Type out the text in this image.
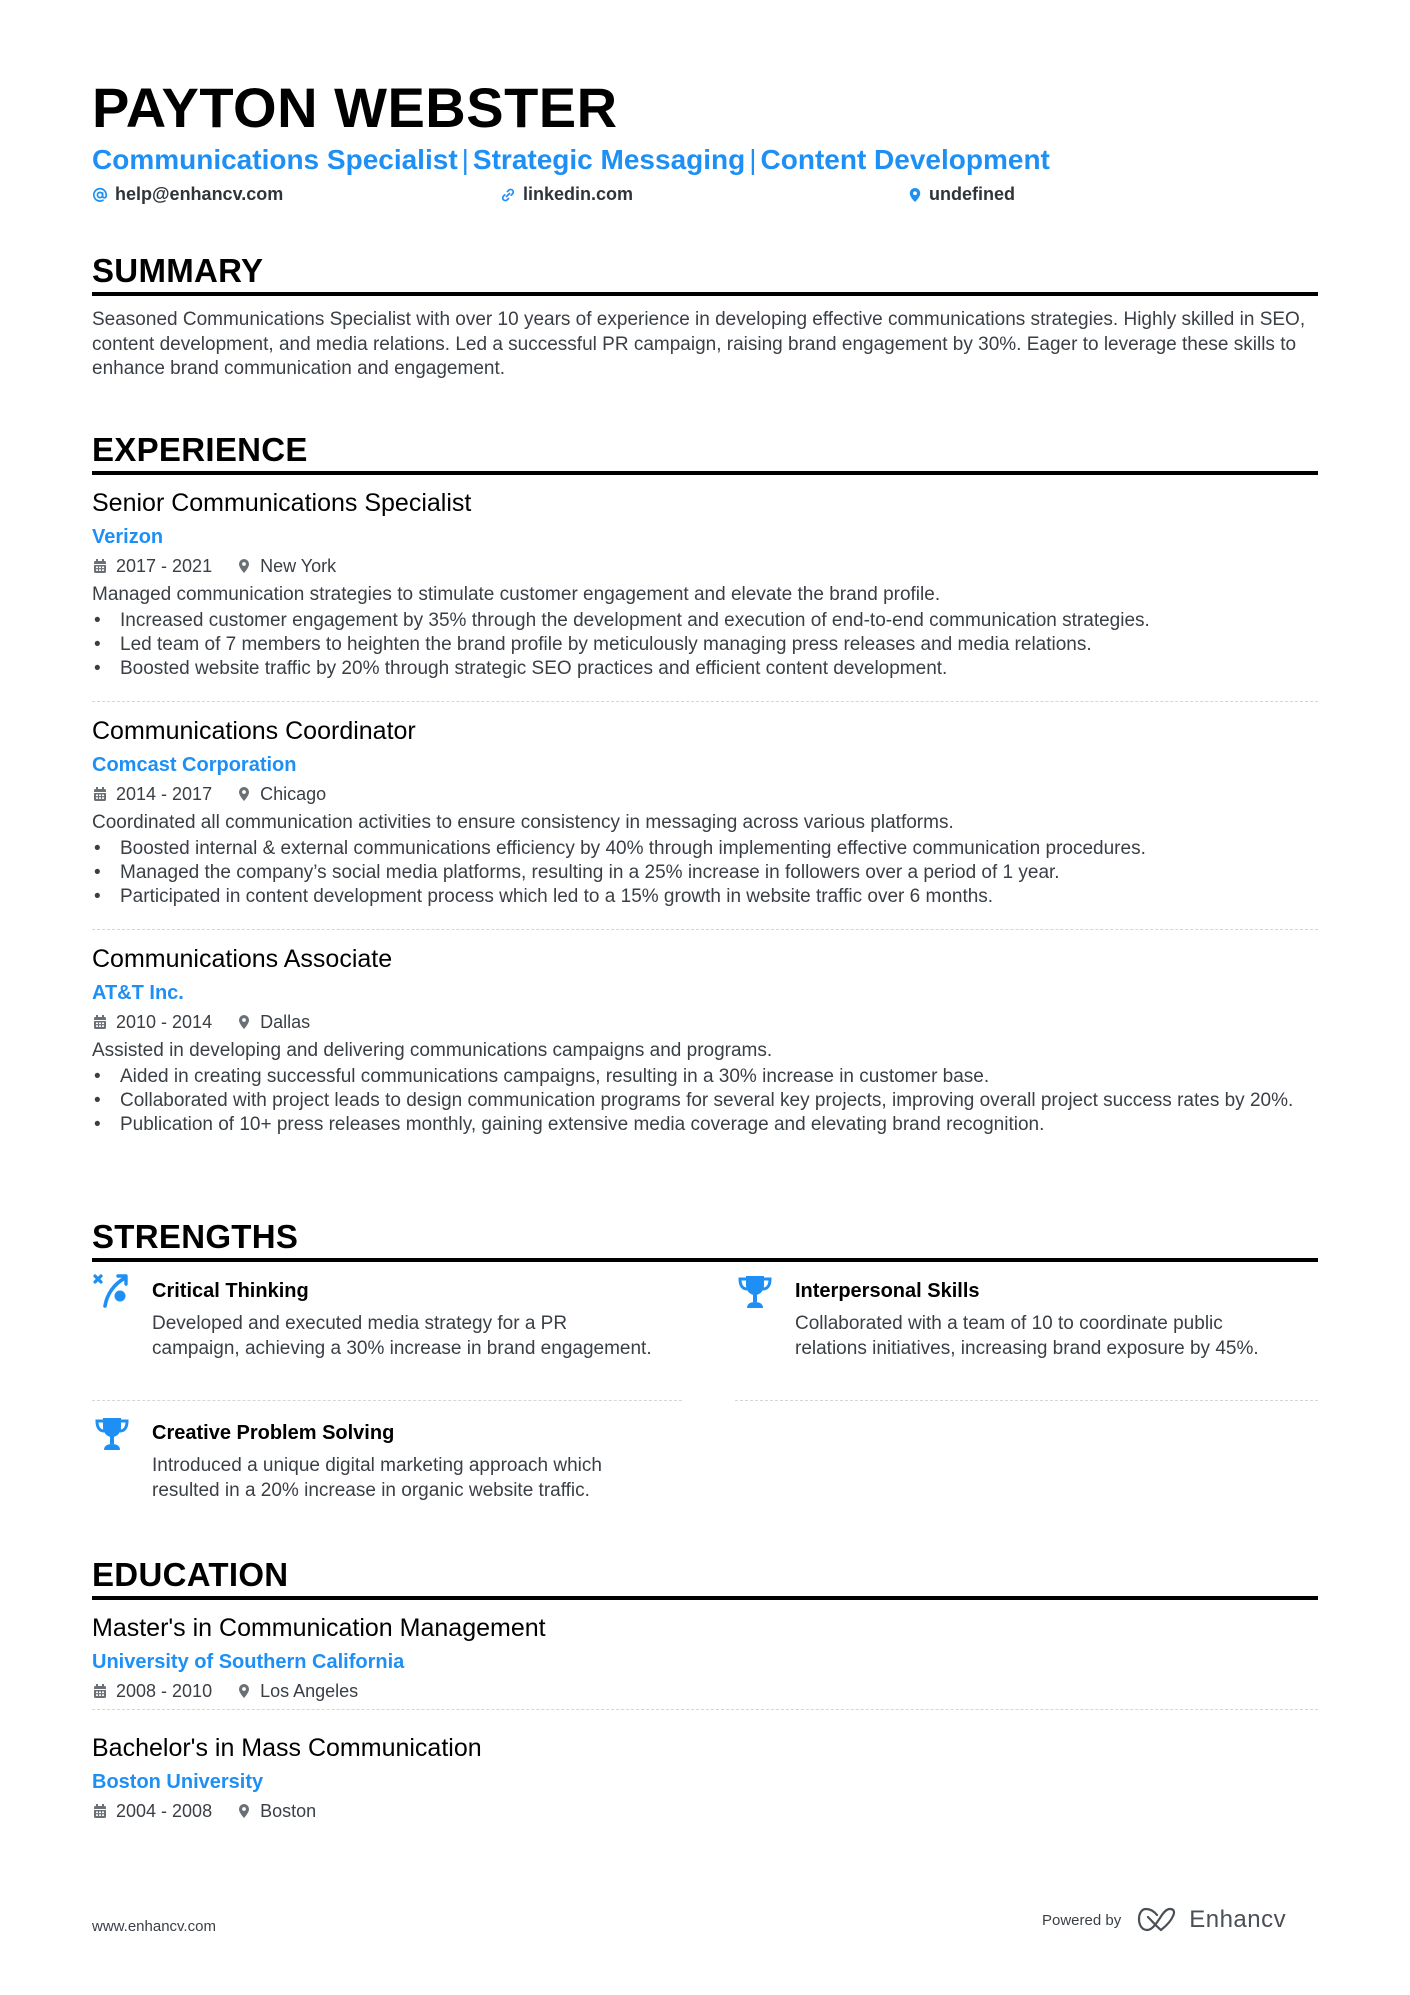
PAYTON WEBSTER
Communications Specialist | Strategic Messaging | Content Development
help@enhancv.com	linkedin.com	undefined
SUMMARY

Seasoned Communications Specialist with over 10 years of experience in developing effective communications strategies. Highly skilled in SEO, content development, and media relations. Led a successful PR campaign, raising brand engagement by 30%. Eager to leverage these skills to enhance brand communication and engagement.

EXPERIENCE
Senior Communications Specialist
Verizon
2017 - 2021	New York
Managed communication strategies to stimulate customer engagement and elevate the brand profile.
• Increased customer engagement by 35% through the development and execution of end-to-end communication strategies.
• Led team of 7 members to heighten the brand profile by meticulously managing press releases and media relations.
• Boosted website traffic by 20% through strategic SEO practices and efficient content development.
Communications Coordinator
Comcast Corporation
2014 - 2017	Chicago
Coordinated all communication activities to ensure consistency in messaging across various platforms.
• Boosted internal & external communications efficiency by 40% through implementing effective communication procedures.
• Managed the company’s social media platforms, resulting in a 25% increase in followers over a period of 1 year.
• Participated in content development process which led to a 15% growth in website traffic over 6 months.
Communications Associate
AT&T Inc.
2010 - 2014	Dallas
Assisted in developing and delivering communications campaigns and programs.
• Aided in creating successful communications campaigns, resulting in a 30% increase in customer base.
• Collaborated with project leads to design communication programs for several key projects, improving overall project success rates by 20%.
• Publication of 10+ press releases monthly, gaining extensive media coverage and elevating brand recognition.
STRENGTHS
Critical Thinking
Developed and executed media strategy for a PR campaign, achieving a 30% increase in brand engagement.
Interpersonal Skills
Collaborated with a team of 10 to coordinate public relations initiatives, increasing brand exposure by 45%.
Creative Problem Solving
Introduced a unique digital marketing approach which resulted in a 20% increase in organic website traffic.
EDUCATION
Master's in Communication Management
University of Southern California
2008 - 2010	Los Angeles
Bachelor's in Mass Communication
Boston University
2004 - 2008	Boston
www.enhancv.com	Powered by	Enhancv
